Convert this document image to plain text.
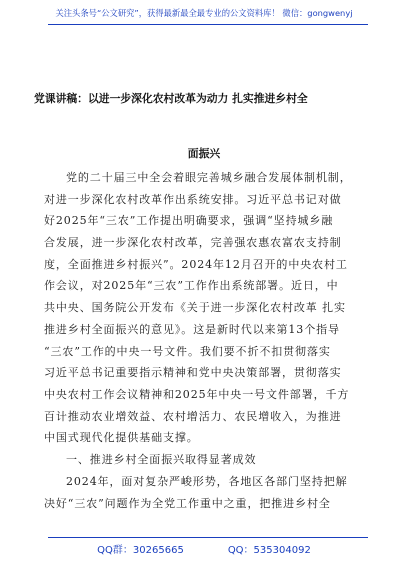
关注头条号“公文研究”，获得最新最全最专业的公文资料库！ 微信：gongwenyj
党课讲稿：以进一步深化农村改革为动力 扎实推进乡村全
面振兴
党的二十届三中全会着眼完善城乡融合发展体制机制，
对进一步深化农村改革作出系统安排。习近平总书记对做
好2025年“三农”工作提出明确要求，强调“坚持城乡融
合发展，进一步深化农村改革，完善强农惠农富农支持制
度，全面推进乡村振兴”。2024年12月召开的中央农村工
作会议，对2025年“三农”工作作出系统部署。近日，中
共中央、国务院公开发布《关于进一步深化农村改革 扎实
推进乡村全面振兴的意见》。这是新时代以来第13个指导
“三农”工作的中央一号文件。我们要不折不扣贯彻落实
习近平总书记重要指示精神和党中央决策部署，贯彻落实
中央农村工作会议精神和2025年中央一号文件部署，千方
百计推动农业增效益、农村增活力、农民增收入，为推进
中国式现代化提供基础支撑。
一、推进乡村全面振兴取得显著成效
2024年，面对复杂严峻形势，各地区各部门坚持把解
决好“三农”问题作为全党工作重中之重，把推进乡村全
QQ群：30265665	QQ：535304092
